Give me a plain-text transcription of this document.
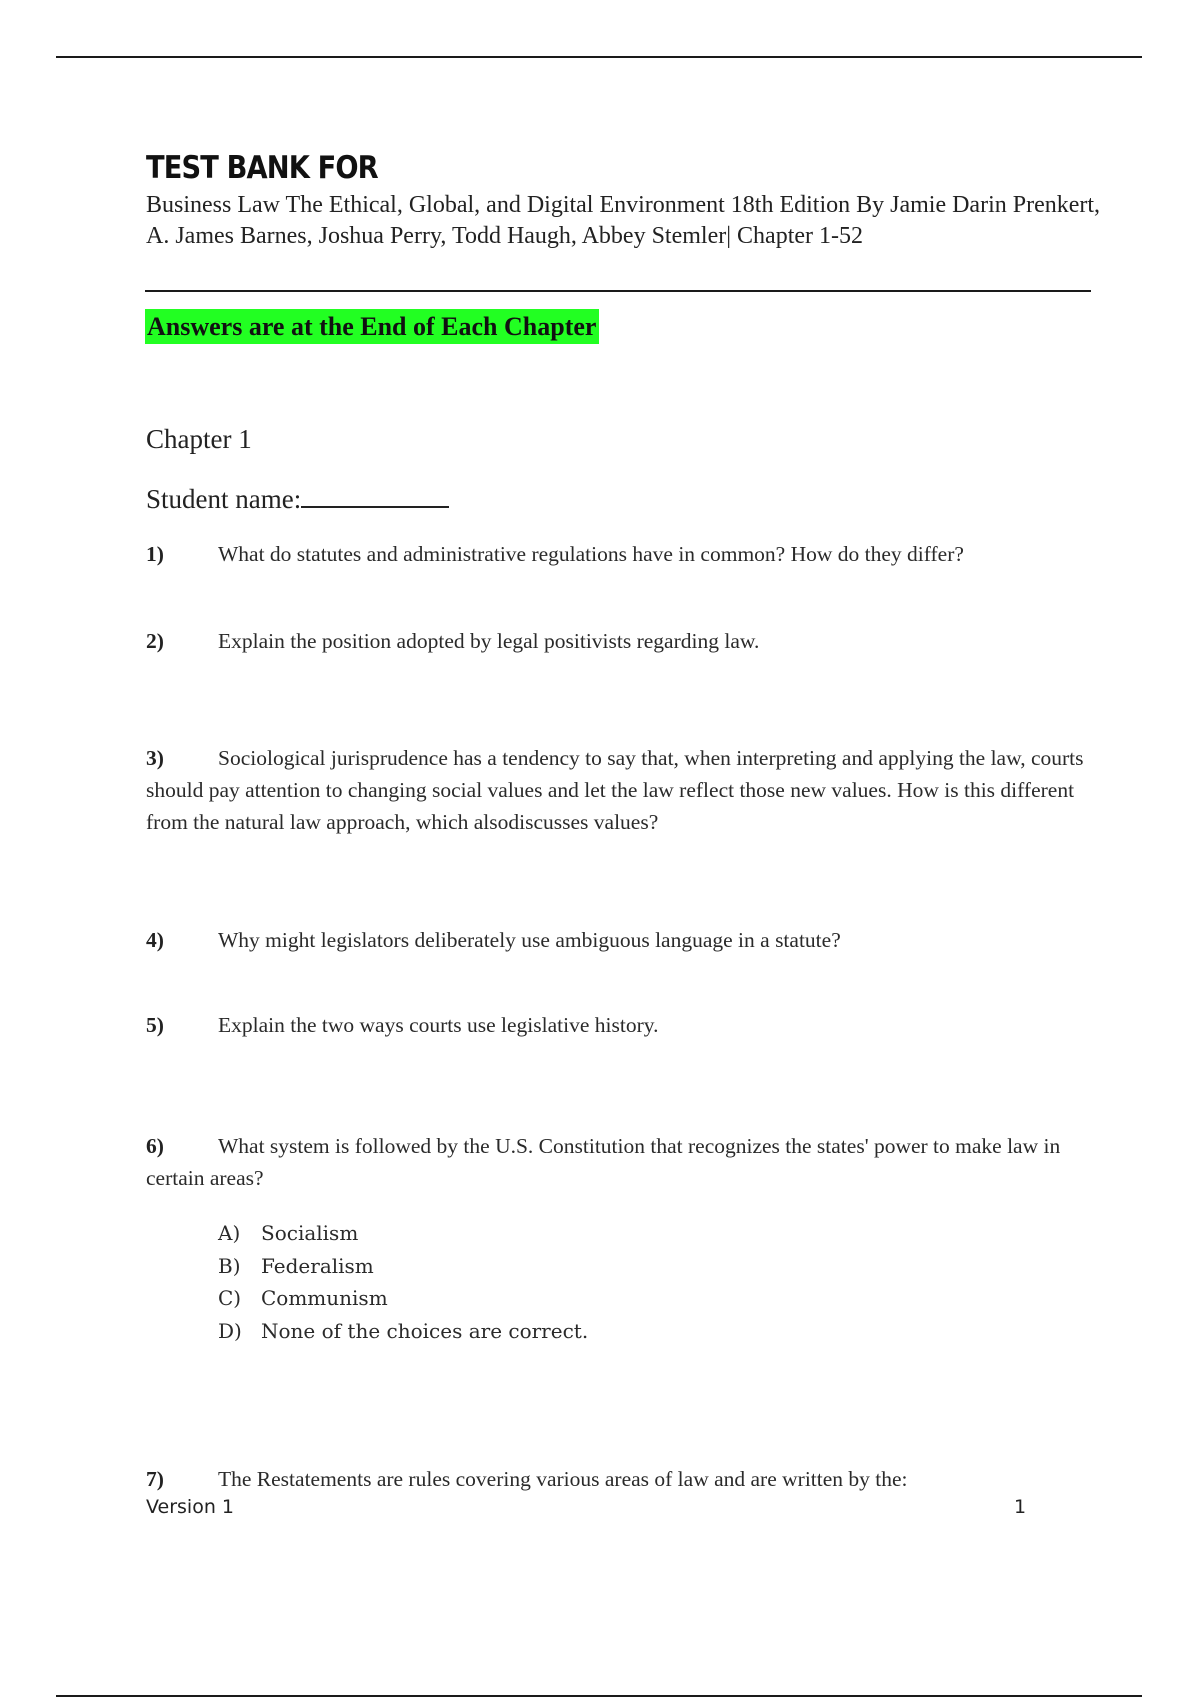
TEST BANK FOR
Business Law The Ethical, Global, and Digital Environment 18th Edition By Jamie Darin Prenkert, A. James Barnes, Joshua Perry, Todd Haugh, Abbey Stemler| Chapter 1-52
Answers are at the End of Each Chapter
Chapter 1
Student name:
1)	What do statutes and administrative regulations have in common? How do they differ?
2)	Explain the position adopted by legal positivists regarding law.
3)	Sociological jurisprudence has a tendency to say that, when interpreting and applying the law, courts should pay attention to changing social values and let the law reflect those new values. How is this different from the natural law approach, which alsodiscusses values?
4)	Why might legislators deliberately use ambiguous language in a statute?
5)	Explain the two ways courts use legislative history.
6)	What system is followed by the U.S. Constitution that recognizes the states' power to make law in certain areas?
A) Socialism
B) Federalism
C) Communism
D) None of the choices are correct.
7)	The Restatements are rules covering various areas of law and are written by the:
Version 1	1
